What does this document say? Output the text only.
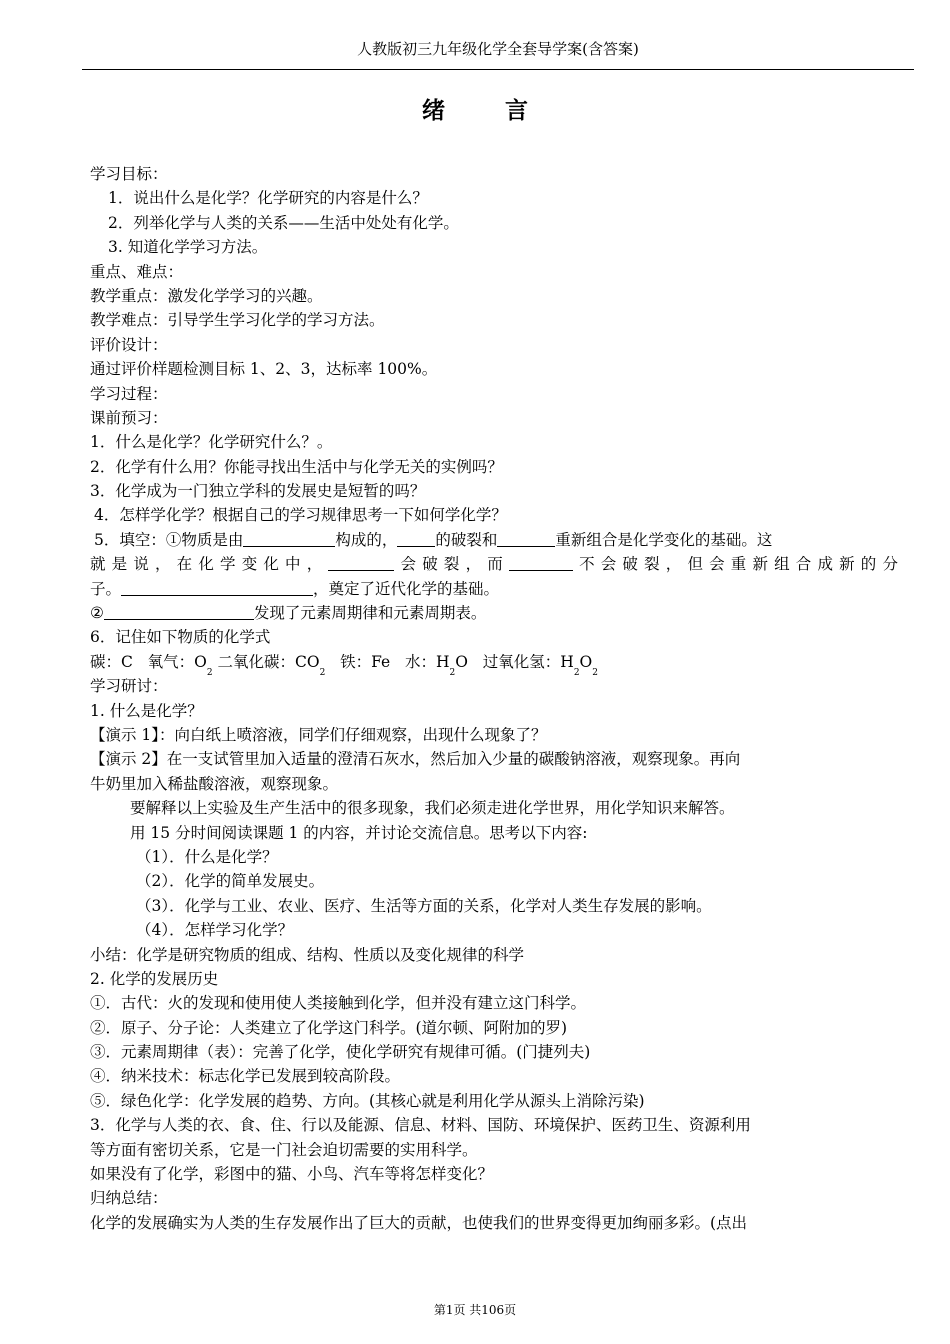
人教版初三九年级化学全套导学案(含答案)
绪 言
学习目标：
1．说出什么是化学？化学研究的内容是什么？
2．列举化学与人类的关系——生活中处处有化学。
3. 知道化学学习方法。
重点、难点：
教学重点：激发化学学习的兴趣。
教学难点：引导学生学习化学的学习方法。
评价设计：
通过评价样题检测目标 1、2、3，达标率 100%。
学习过程：
课前预习：
1．什么是化学？化学研究什么？。
2．化学有什么用？你能寻找出生活中与化学无关的实例吗？
3．化学成为一门独立学科的发展史是短暂的吗？
4．怎样学化学？根据自己的学习规律思考一下如何学化学？
5．填空：①物质是由	构成的， 的破裂和	重新组合是化学变化的基础。这
就是说，在化学变化中，	会破裂，而	不会破裂，但会重新组合成新的分
子。	，奠定了近代化学的基础。
②	发现了元素周期律和元素周期表。
6．记住如下物质的化学式
碳：C 氧气：$O_2$ 二氧化碳：$CO_2$   铁：Fe 水：$H_2O$ 过氧化氢：$H_2O_2$
学习研讨：
1. 什么是化学？
【演示 1】：向白纸上喷溶液，同学们仔细观察，出现什么现象了？
【演示 2】在一支试管里加入适量的澄清石灰水，然后加入少量的碳酸钠溶液，观察现象。再向
牛奶里加入稀盐酸溶液，观察现象。
要解释以上实验及生产生活中的很多现象，我们必须走进化学世界，用化学知识来解答。
用 15 分时间阅读课题 1 的内容，并讨论交流信息。思考以下内容:
（1）．什么是化学？
（2）．化学的简单发展史。
（3）．化学与工业、农业、医疗、生活等方面的关系，化学对人类生存发展的影响。
（4）．怎样学习化学？
小结：化学是研究物质的组成、结构、性质以及变化规律的科学
2. 化学的发展历史
①．古代：火的发现和使用使人类接触到化学，但并没有建立这门科学。
②．原子、分子论：人类建立了化学这门科学。(道尔顿、阿附加的罗)
③．元素周期律（表）：完善了化学，使化学研究有规律可循。(门捷列夫)
④．纳米技术：标志化学已发展到较高阶段。
⑤．绿色化学：化学发展的趋势、方向。(其核心就是利用化学从源头上消除污染)
3．化学与人类的衣、食、住、行以及能源、信息、材料、国防、环境保护、医药卫生、资源利用
等方面有密切关系，它是一门社会迫切需要的实用科学。
如果没有了化学，彩图中的猫、小鸟、汽车等将怎样变化？
归纳总结：
化学的发展确实为人类的生存发展作出了巨大的贡献，也使我们的世界变得更加绚丽多彩。(点出
第1页 共106页
